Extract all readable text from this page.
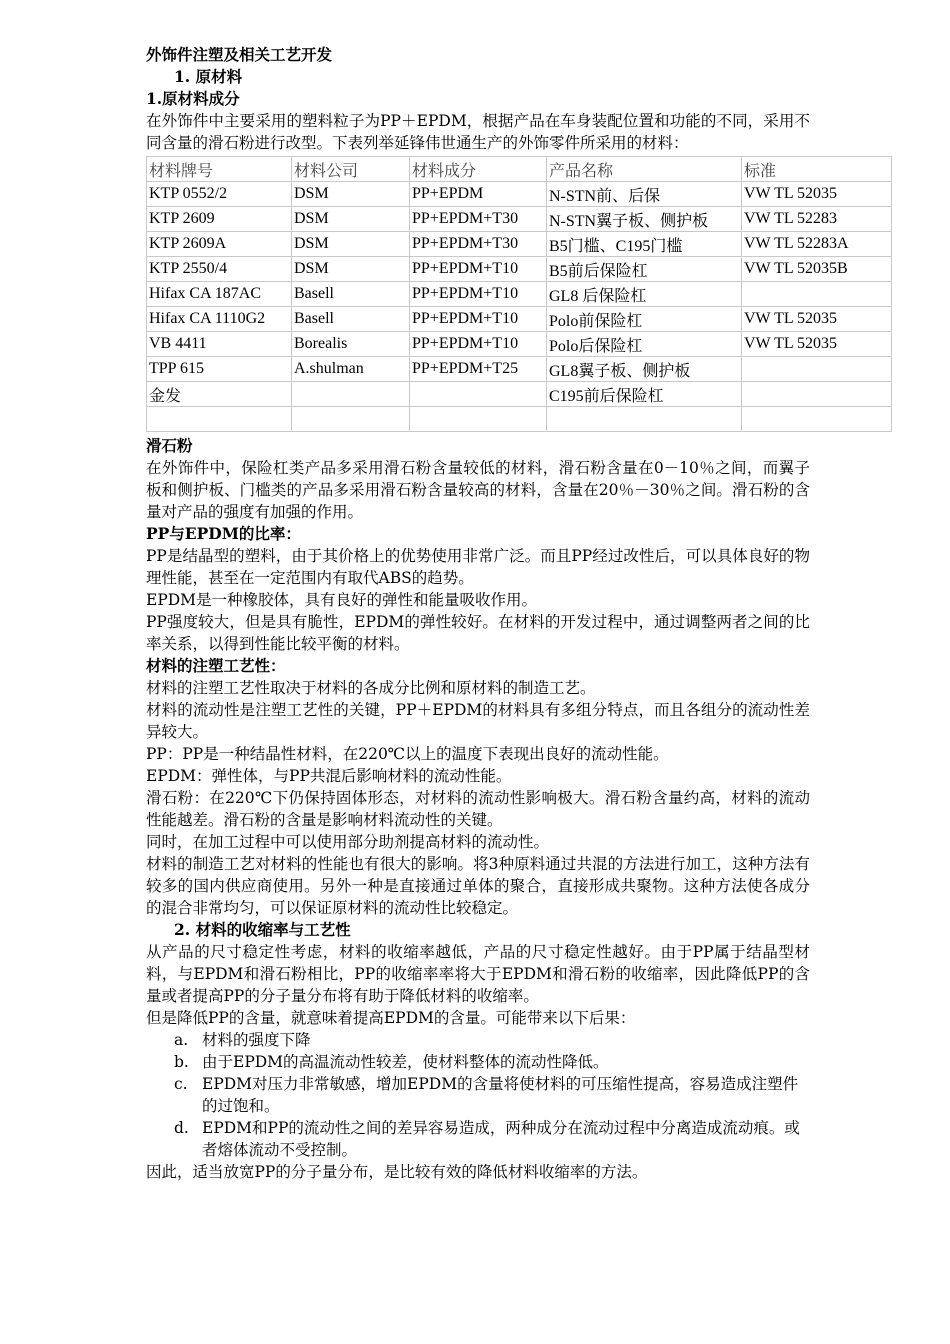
外饰件注塑及相关工艺开发
1. 原材料
1.原材料成分
在外饰件中主要采用的塑料粒子为PP＋EPDM，根据产品在车身装配位置和功能的不同，采用不同含量的滑石粉进行改型。下表列举延锋伟世通生产的外饰零件所采用的材料：
材料牌号	材料公司	材料成分	产品名称	标准
KTP 0552/2	DSM	PP+EPDM	N-STN前、后保	VW TL 52035
KTP 2609	DSM	PP+EPDM+T30	N-STN翼子板、侧护板	VW TL 52283
KTP 2609A	DSM	PP+EPDM+T30	B5门槛、C195门槛	VW TL 52283A
KTP 2550/4	DSM	PP+EPDM+T10	B5前后保险杠	VW TL 52035B
Hifax CA 187AC	Basell	PP+EPDM+T10	GL8 后保险杠	
Hifax CA 1110G2	Basell	PP+EPDM+T10	Polo前保险杠	VW TL 52035
VB 4411	Borealis	PP+EPDM+T10	Polo后保险杠	VW TL 52035
TPP 615	A.shulman	PP+EPDM+T25	GL8翼子板、侧护板	
金发			C195前后保险杠	

滑石粉
在外饰件中，保险杠类产品多采用滑石粉含量较低的材料，滑石粉含量在0－10％之间，而翼子板和侧护板、门槛类的产品多采用滑石粉含量较高的材料，含量在20％－30％之间。滑石粉的含量对产品的强度有加强的作用。
PP与EPDM的比率：
PP是结晶型的塑料，由于其价格上的优势使用非常广泛。而且PP经过改性后，可以具体良好的物理性能，甚至在一定范围内有取代ABS的趋势。
EPDM是一种橡胶体，具有良好的弹性和能量吸收作用。
PP强度较大，但是具有脆性，EPDM的弹性较好。在材料的开发过程中，通过调整两者之间的比率关系，以得到性能比较平衡的材料。
材料的注塑工艺性：
材料的注塑工艺性取决于材料的各成分比例和原材料的制造工艺。
材料的流动性是注塑工艺性的关键，PP＋EPDM的材料具有多组分特点，而且各组分的流动性差异较大。
PP：PP是一种结晶性材料，在220℃以上的温度下表现出良好的流动性能。
EPDM：弹性体，与PP共混后影响材料的流动性能。
滑石粉：在220℃下仍保持固体形态，对材料的流动性影响极大。滑石粉含量约高，材料的流动性能越差。滑石粉的含量是影响材料流动性的关键。
同时，在加工过程中可以使用部分助剂提高材料的流动性。
材料的制造工艺对材料的性能也有很大的影响。将3种原料通过共混的方法进行加工，这种方法有较多的国内供应商使用。另外一种是直接通过单体的聚合，直接形成共聚物。这种方法使各成分的混合非常均匀，可以保证原材料的流动性比较稳定。
2. 材料的收缩率与工艺性
从产品的尺寸稳定性考虑，材料的收缩率越低，产品的尺寸稳定性越好。由于PP属于结晶型材料，与EPDM和滑石粉相比，PP的收缩率率将大于EPDM和滑石粉的收缩率，因此降低PP的含量或者提高PP的分子量分布将有助于降低材料的收缩率。
但是降低PP的含量，就意味着提高EPDM的含量。可能带来以下后果：
a. 材料的强度下降
b. 由于EPDM的高温流动性较差，使材料整体的流动性降低。
c. EPDM对压力非常敏感，增加EPDM的含量将使材料的可压缩性提高，容易造成注塑件的过饱和。
d. EPDM和PP的流动性之间的差异容易造成，两种成分在流动过程中分离造成流动痕。或者熔体流动不受控制。
因此，适当放宽PP的分子量分布，是比较有效的降低材料收缩率的方法。
